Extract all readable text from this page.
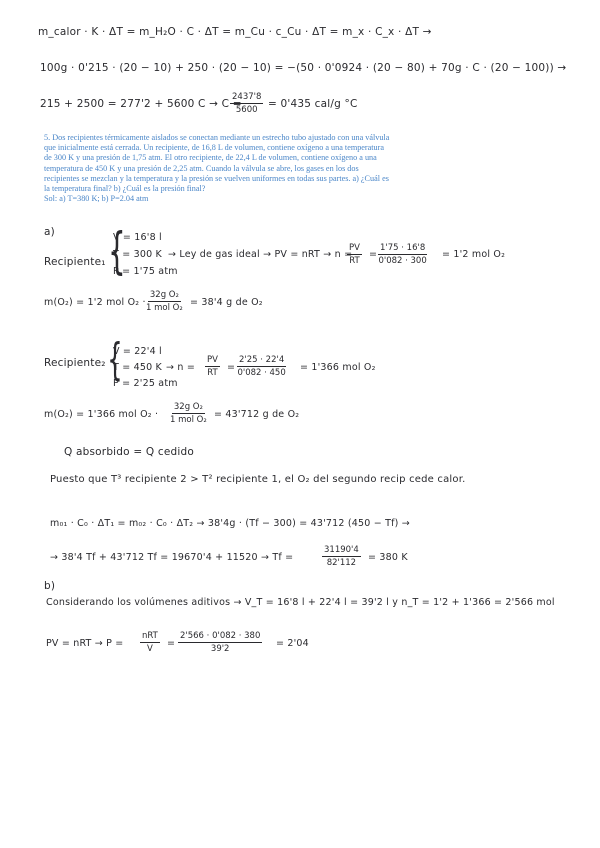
m_calor · K · ΔT = m_H₂O · C · ΔT = m_Cu · c_Cu · ΔT = m_x · C_x · ΔT →
100g · 0'215 · (20 − 10) + 250 · (20 − 10) = −(50 · 0'0924 · (20 − 80) + 70g · C · (20 − 100)) →
215 + 2500 = 277'2 + 5600 C → C =
$\frac{2437'8}{5600} = 0'435$ cal/g °C

5. Dos recipientes térmicamente aislados se conectan mediante un estrecho tubo ajustado con una válvula que inicialmente está cerrada. Un recipiente, de 16,8 L de volumen, contiene oxígeno a una temperatura de 300 K y una presión de 1,75 atm. El otro recipiente, de 22,4 L de volumen, contiene oxígeno a una temperatura de 450 K y una presión de 2,25 atm. Cuando la válvula se abre, los gases en los dos recipientes se mezclan y la temperatura y la presión se vuelven uniformes en todas sus partes. a) ¿Cuál es la temperatura final? b) ¿Cuál es la presión final?

Sol: a) T=380 K; b) P=2.04 atm

a)
Recipiente₁ {
V = 16'8 l
T = 300 K
P = 1'75 atm
→ Ley de gas ideal → PV = nRT → n =
$\frac{PV}{RT} = \frac{1'75 \cdot 16'8}{0'082 \cdot 300} = 1'2$ mol O₂
m(O₂) = 1'2 mol O₂ ·
32g O₂
1 mol O₂ = 38'4 g de O₂
Recipiente₂ {
V = 22'4 l
T = 450 K
P = 2'25 atm
→ $n = \frac{PV}{RT} = \frac{2'25 \cdot 22'4}{0'082 \cdot 450} = 1'366$ mol O₂
m(O₂) = 1'366 mol O₂ ·
32g O₂
1 mol O₂ = 43'712 g de O₂
Q absorbido = Q cedido
Puesto que T³ recipiente 2 > T² recipiente 1, el O₂ del segundo recip cede calor.
m₀₁ · C₀ · ΔT₁ = m₀₂ · C₀ · ΔT₂ → 38'4g · (Tf − 300) = 43'712 (450 − Tf) →
→ 38'4 Tf + 43'712 Tf = 19670'4 + 11520 → Tf =	$\frac{31190'4}{82'112} = 380$ K
b)
Considerando los volúmenes aditivos → V_T = 16'8 l + 22'4 l = 39'2 l y n_T = 1'2 + 1'366 = 2'566 mol
PV = nRT → P =
nRT
$V = \frac{2'566 \cdot 0'082 \cdot 380}{39'2} = 2'04$
